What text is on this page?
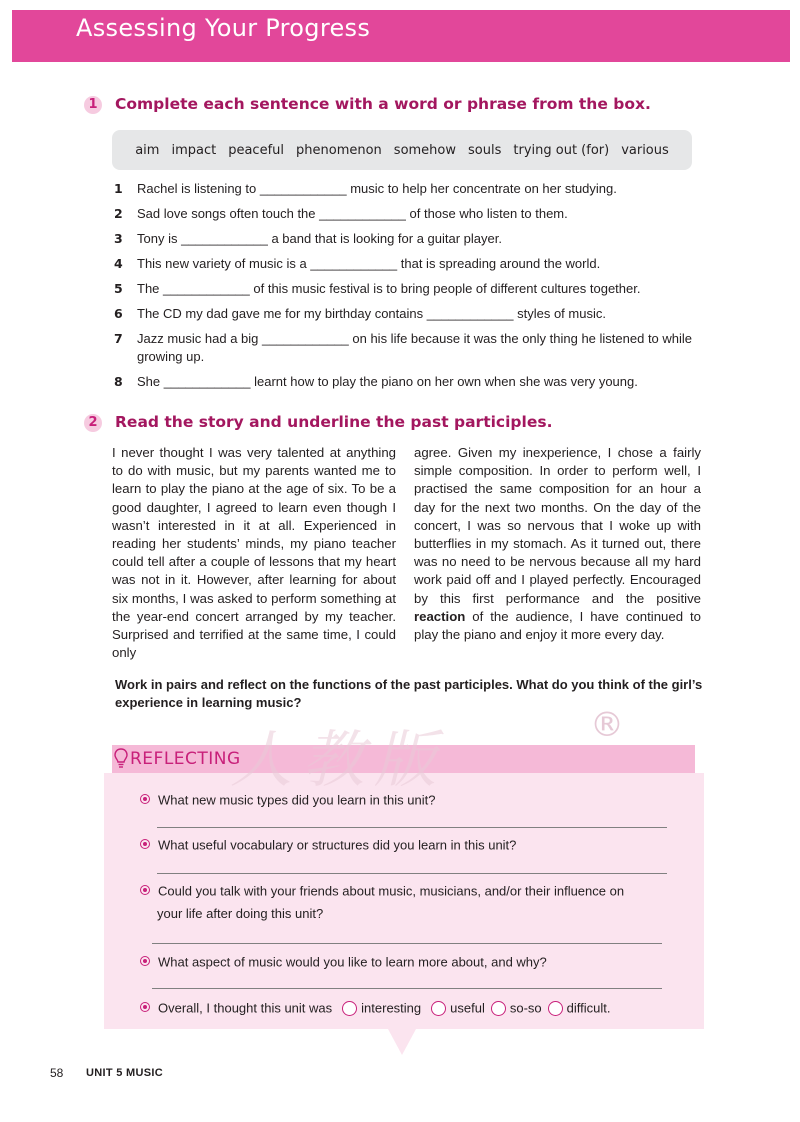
Assessing Your Progress
1 Complete each sentence with a word or phrase from the box.
aim impact peaceful phenomenon somehow souls trying out (for) various
1 Rachel is listening to ____________ music to help her concentrate on her studying.
2 Sad love songs often touch the ____________ of those who listen to them.
3 Tony is ____________ a band that is looking for a guitar player.
4 This new variety of music is a ____________ that is spreading around the world.
5 The ____________ of this music festival is to bring people of different cultures together.
6 The CD my dad gave me for my birthday contains ____________ styles of music.
7 Jazz music had a big ____________ on his life because it was the only thing he listened to while growing up.
8 She ____________ learnt how to play the piano on her own when she was very young.
2 Read the story and underline the past participles.
I never thought I was very talented at anything to do with music, but my parents wanted me to learn to play the piano at the age of six. To be a good daughter, I agreed to learn even though I wasn’t interested in it at all. Experienced in reading her students’ minds, my piano teacher could tell after a couple of lessons that my heart was not in it. However, after learning for about six months, I was asked to perform something at the year-end concert arranged by my teacher. Surprised and terrified at the same time, I could only
agree. Given my inexperience, I chose a fairly simple composition. In order to perform well, I practised the same composition for an hour a day for the next two months. On the day of the concert, I was so nervous that I woke up with butterflies in my stomach. As it turned out, there was no need to be nervous because all my hard work paid off and I played perfectly. Encouraged by this first performance and the positive reaction of the audience, I have continued to play the piano and enjoy it more every day.
Work in pairs and reflect on the functions of the past participles. What do you think of the girl’s experience in learning music?
人教版	®
REFLECTING
What new music types did you learn in this unit?
What useful vocabulary or structures did you learn in this unit?
Could you talk with your friends about music, musicians, and/or their influence on
your life after doing this unit?
What aspect of music would you like to learn more about, and why?
Overall, I thought this unit was interesting useful so-so difficult.
58 UNIT 5 MUSIC
